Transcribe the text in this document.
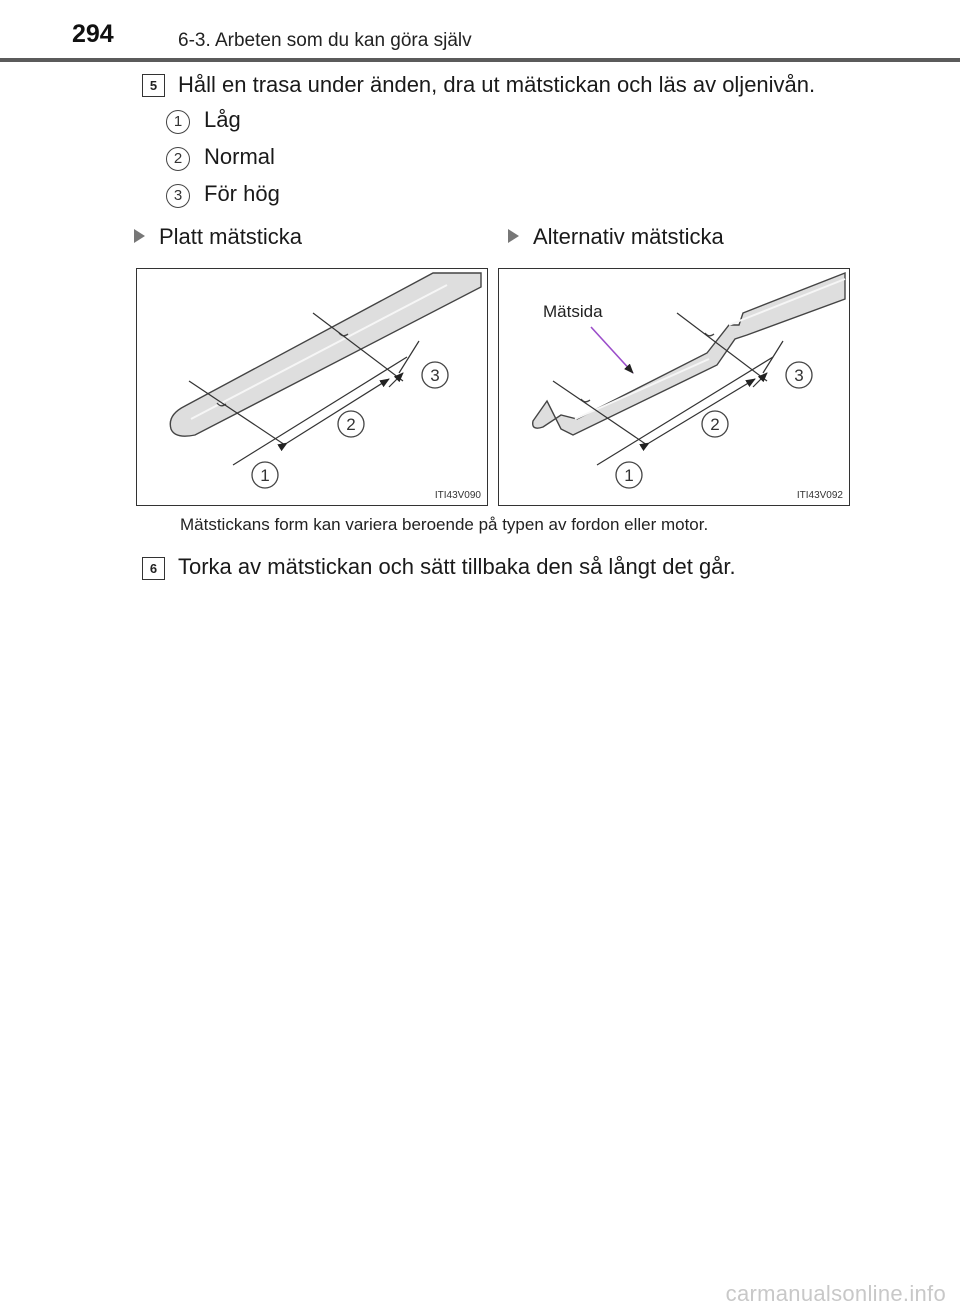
294	6-3. Arbeten som du kan göra själv
5 Håll en trasa under änden, dra ut mätstickan och läs av oljenivån.
1 Låg
2 Normal
3 För hög
Platt mätsticka	Alternativ mätsticka
1
2
3
ITI43V090
1
2
3
Mätsida
ITI43V092
Mätstickans form kan variera beroende på typen av fordon eller motor.
6 Torka av mätstickan och sätt tillbaka den så långt det går.
carmanualsonline.info
